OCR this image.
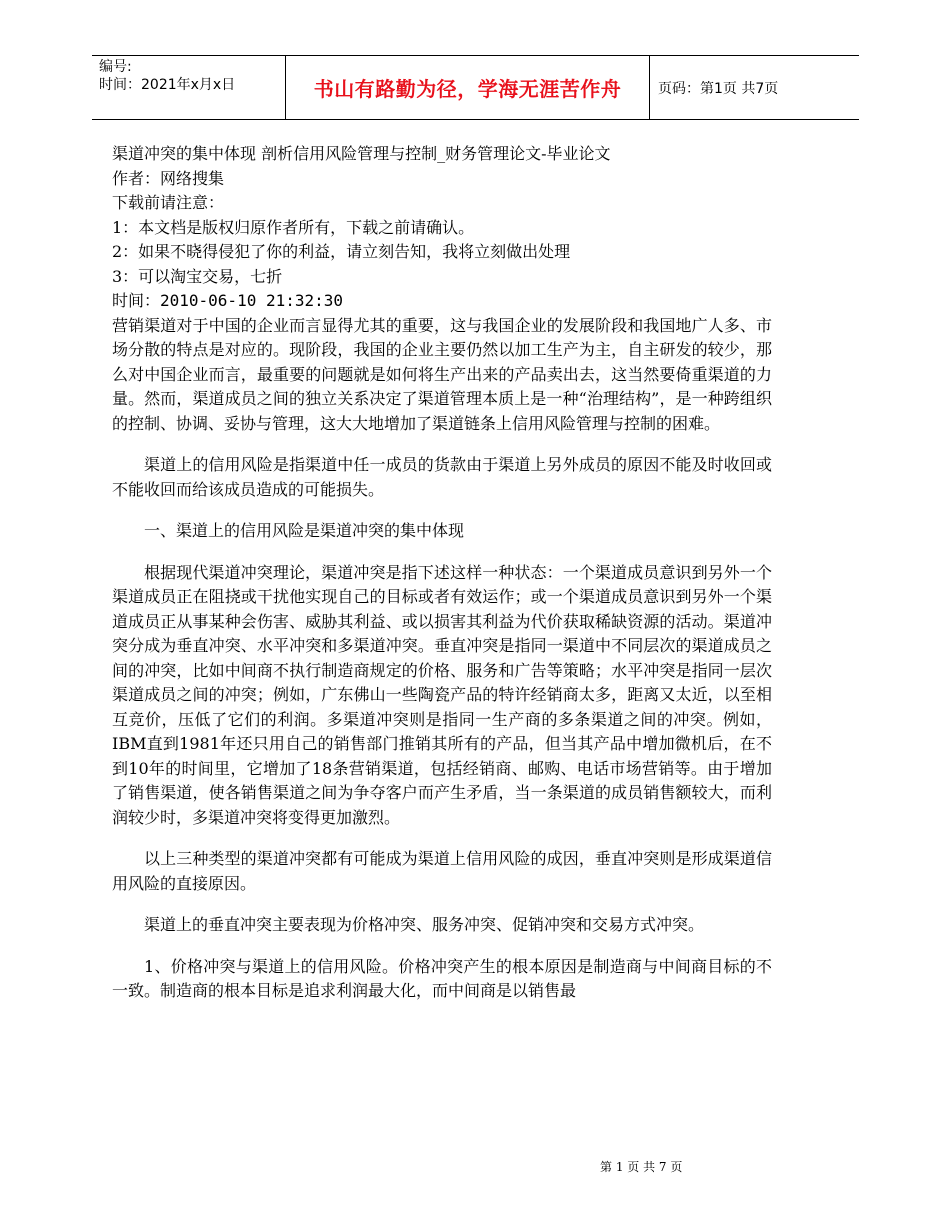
编号:
时间：2021年x月x日	书山有路勤为径，学海无涯苦作舟	页码：第1页 共7页
渠道冲突的集中体现 剖析信用风险管理与控制_财务管理论文-毕业论文
作者：网络搜集
下载前请注意：
1：本文档是版权归原作者所有，下载之前请确认。
2：如果不晓得侵犯了你的利益，请立刻告知，我将立刻做出处理
3：可以淘宝交易，七折
时间：2010-06-10 21:32:30

营销渠道对于中国的企业而言显得尤其的重要，这与我国企业的发展阶段和我国地广人多、市场分散的特点是对应的。现阶段，我国的企业主要仍然以加工生产为主，自主研发的较少，那么对中国企业而言，最重要的问题就是如何将生产出来的产品卖出去，这当然要倚重渠道的力量。然而，渠道成员之间的独立关系决定了渠道管理本质上是一种“治理结构”，是一种跨组织的控制、协调、妥协与管理，这大大地增加了渠道链条上信用风险管理与控制的困难。

渠道上的信用风险是指渠道中任一成员的货款由于渠道上另外成员的原因不能及时收回或不能收回而给该成员造成的可能损失。

一、渠道上的信用风险是渠道冲突的集中体现

根据现代渠道冲突理论，渠道冲突是指下述这样一种状态：一个渠道成员意识到另外一个渠道成员正在阻挠或干扰他实现自己的目标或者有效运作；或一个渠道成员意识到另外一个渠道成员正从事某种会伤害、威胁其利益、或以损害其利益为代价获取稀缺资源的活动。渠道冲突分成为垂直冲突、水平冲突和多渠道冲突。垂直冲突是指同一渠道中不同层次的渠道成员之间的冲突，比如中间商不执行制造商规定的价格、服务和广告等策略；水平冲突是指同一层次渠道成员之间的冲突；例如，广东佛山一些陶瓷产品的特许经销商太多，距离又太近，以至相互竞价，压低了它们的利润。多渠道冲突则是指同一生产商的多条渠道之间的冲突。例如，IBM直到1981年还只用自己的销售部门推销其所有的产品，但当其产品中增加微机后，在不到10年的时间里，它增加了18条营销渠道，包括经销商、邮购、电话市场营销等。由于增加了销售渠道，使各销售渠道之间为争夺客户而产生矛盾，当一条渠道的成员销售额较大，而利润较少时，多渠道冲突将变得更加激烈。

以上三种类型的渠道冲突都有可能成为渠道上信用风险的成因，垂直冲突则是形成渠道信用风险的直接原因。

渠道上的垂直冲突主要表现为价格冲突、服务冲突、促销冲突和交易方式冲突。

1、价格冲突与渠道上的信用风险。价格冲突产生的根本原因是制造商与中间商目标的不一致。制造商的根本目标是追求利润最大化，而中间商是以销售最

第 1 页 共 7 页
